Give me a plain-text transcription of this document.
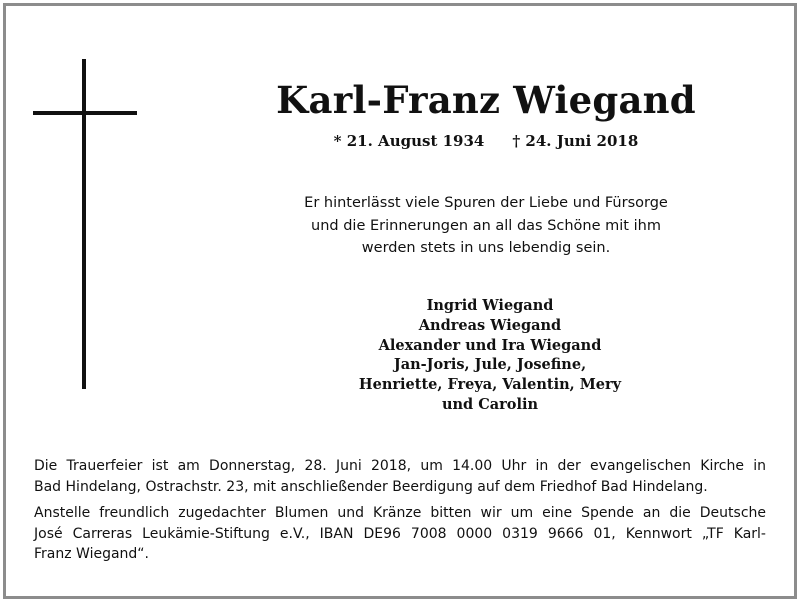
Karl-Franz Wiegand
* 21. August 1934 † 24. Juni 2018
Er hinterlässt viele Spuren der Liebe und Fürsorge
und die Erinnerungen an all das Schöne mit ihm
werden stets in uns lebendig sein.
Ingrid Wiegand
Andreas Wiegand
Alexander und Ira Wiegand
Jan-Joris, Jule, Josefine,
Henriette, Freya, Valentin, Mery
und Carolin
Die Trauerfeier ist am Donnerstag, 28. Juni 2018, um 14.00 Uhr in der evangelischen Kirche in
Bad Hindelang, Ostrachstr. 23, mit anschließender Beerdigung auf dem Friedhof Bad Hindelang.
Anstelle freundlich zugedachter Blumen und Kränze bitten wir um eine Spende an die Deutsche
José Carreras Leukämie-Stiftung e.V., IBAN DE96 7008 0000 0319 9666 01, Kennwort „TF Karl-
Franz Wiegand“.
